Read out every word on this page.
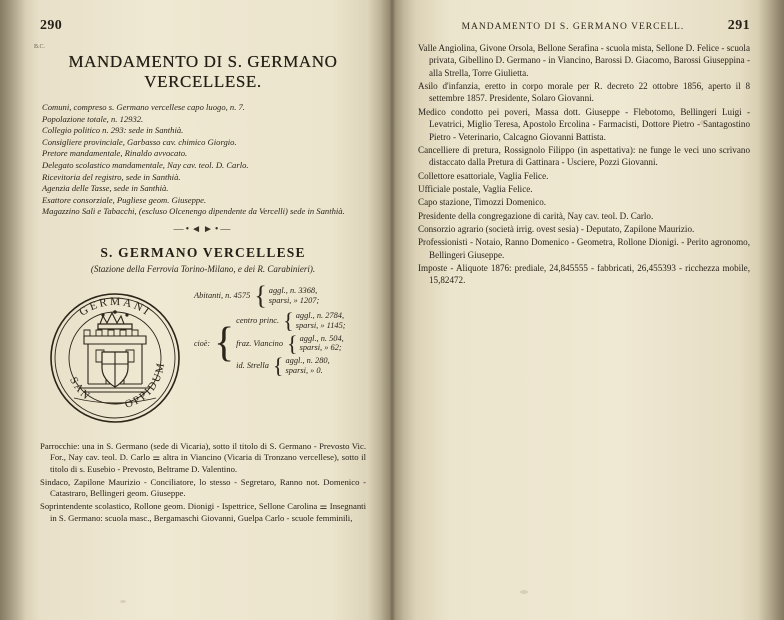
290
B.C.
MANDAMENTO DI S. GERMANO VERCELLESE.
Comuni, compreso s. Germano vercellese capo luogo, n. 7.
Popolazione totale, n. 12932.
Collegio politico n. 293: sede in Santhià.
Consigliere provinciale, Garbasso cav. chimico Giorgio.
Pretore mandamentale, Rinaldo avvocato.
Delegato scolastico mandamentale, Nay cav. teol. D. Carlo.
Ricevitoria del registro, sede in Santhià.
Agenzia delle Tasse, sede in Santhià.
Esattore consorziale, Pugliese geom. Giuseppe.
Magazzino Sali e Tabacchi, (escluso Olcenengo dipendente da Vercelli) sede in Santhià.
—•◄►•—
S. GERMANO VERCELLESE
(Stazione della Ferrovia Torino-Milano, e dei R. Carabinieri).
GERMANI
SAN
OPPIDUM
Abitanti, n. 4575 { aggl., n. 3368,
sparsi, » 1207;
cioè: { centro princ. { aggl., n. 2784,
sparsi, » 1145;
fraz. Viancino { aggl., n. 504,
sparsi, » 62;
id. Strella { aggl., n. 280,
sparsi, » 0.

Parrocchie: una in S. Germano (sede di Vicaria), sotto il titolo di S. Germano - Prevosto Vic. For., Nay cav. teol. D. Carlo ⚌ altra in Viancino (Vicaria di Tronzano vercellese), sotto il titolo di s. Eusebio - Prevosto, Beltrame D. Valentino.

Sindaco, Zapilone Maurizio - Conciliatore, lo stesso - Segretaro, Ranno not. Domenico - Catastraro, Bellingeri geom. Giuseppe.

Soprintendente scolastico, Rollone geom. Dionigi - Ispettrice, Sellone Carolina ⚌ Insegnanti in S. Germano: scuola masc., Bergamaschi Giovanni, Guelpa Carlo - scuole femminili,

MANDAMENTO DI S. GERMANO VERCELL.	291

Valle Angiolina, Givone Orsola, Bellone Serafina - scuola mista, Sellone D. Felice - scuola privata, Gibellino D. Germano - in Viancino, Barossi D. Giacomo, Barossi Giuseppina - alla Strella, Torre Giulietta.

Asilo d'infanzia, eretto in corpo morale per R. decreto 22 ottobre 1856, aperto il 8 settembre 1857. Presidente, Solaro Giovanni.

Medico condotto pei poveri, Massa dott. Giuseppe - Flebotomo, Bellingeri Luigi - Levatrici, Miglio Teresa, Apostolo Ercolina - Farmacisti, Dottore Pietro - Santagostino Pietro - Veterinario, Calcagno Giovanni Battista.

Cancelliere di pretura, Rossignolo Filippo (in aspettativa): ne funge le veci uno scrivano distaccato dalla Pretura di Gattinara - Usciere, Pozzi Giovanni.

Collettore esattoriale, Vaglia Felice.

Ufficiale postale, Vaglia Felice.

Capo stazione, Timozzi Domenico.

Presidente della congregazione di carità, Nay cav. teol. D. Carlo.

Consorzio agrario (società irrig. ovest sesia) - Deputato, Zapilone Maurizio.

Professionisti - Notaio, Ranno Domenico - Geometra, Rollone Dionigi. - Perito agronomo, Bellingeri Giuseppe.

Imposte - Aliquote 1876: prediale, 24,845555 - fabbricati, 26,455393 - ricchezza mobile, 15,82472.
